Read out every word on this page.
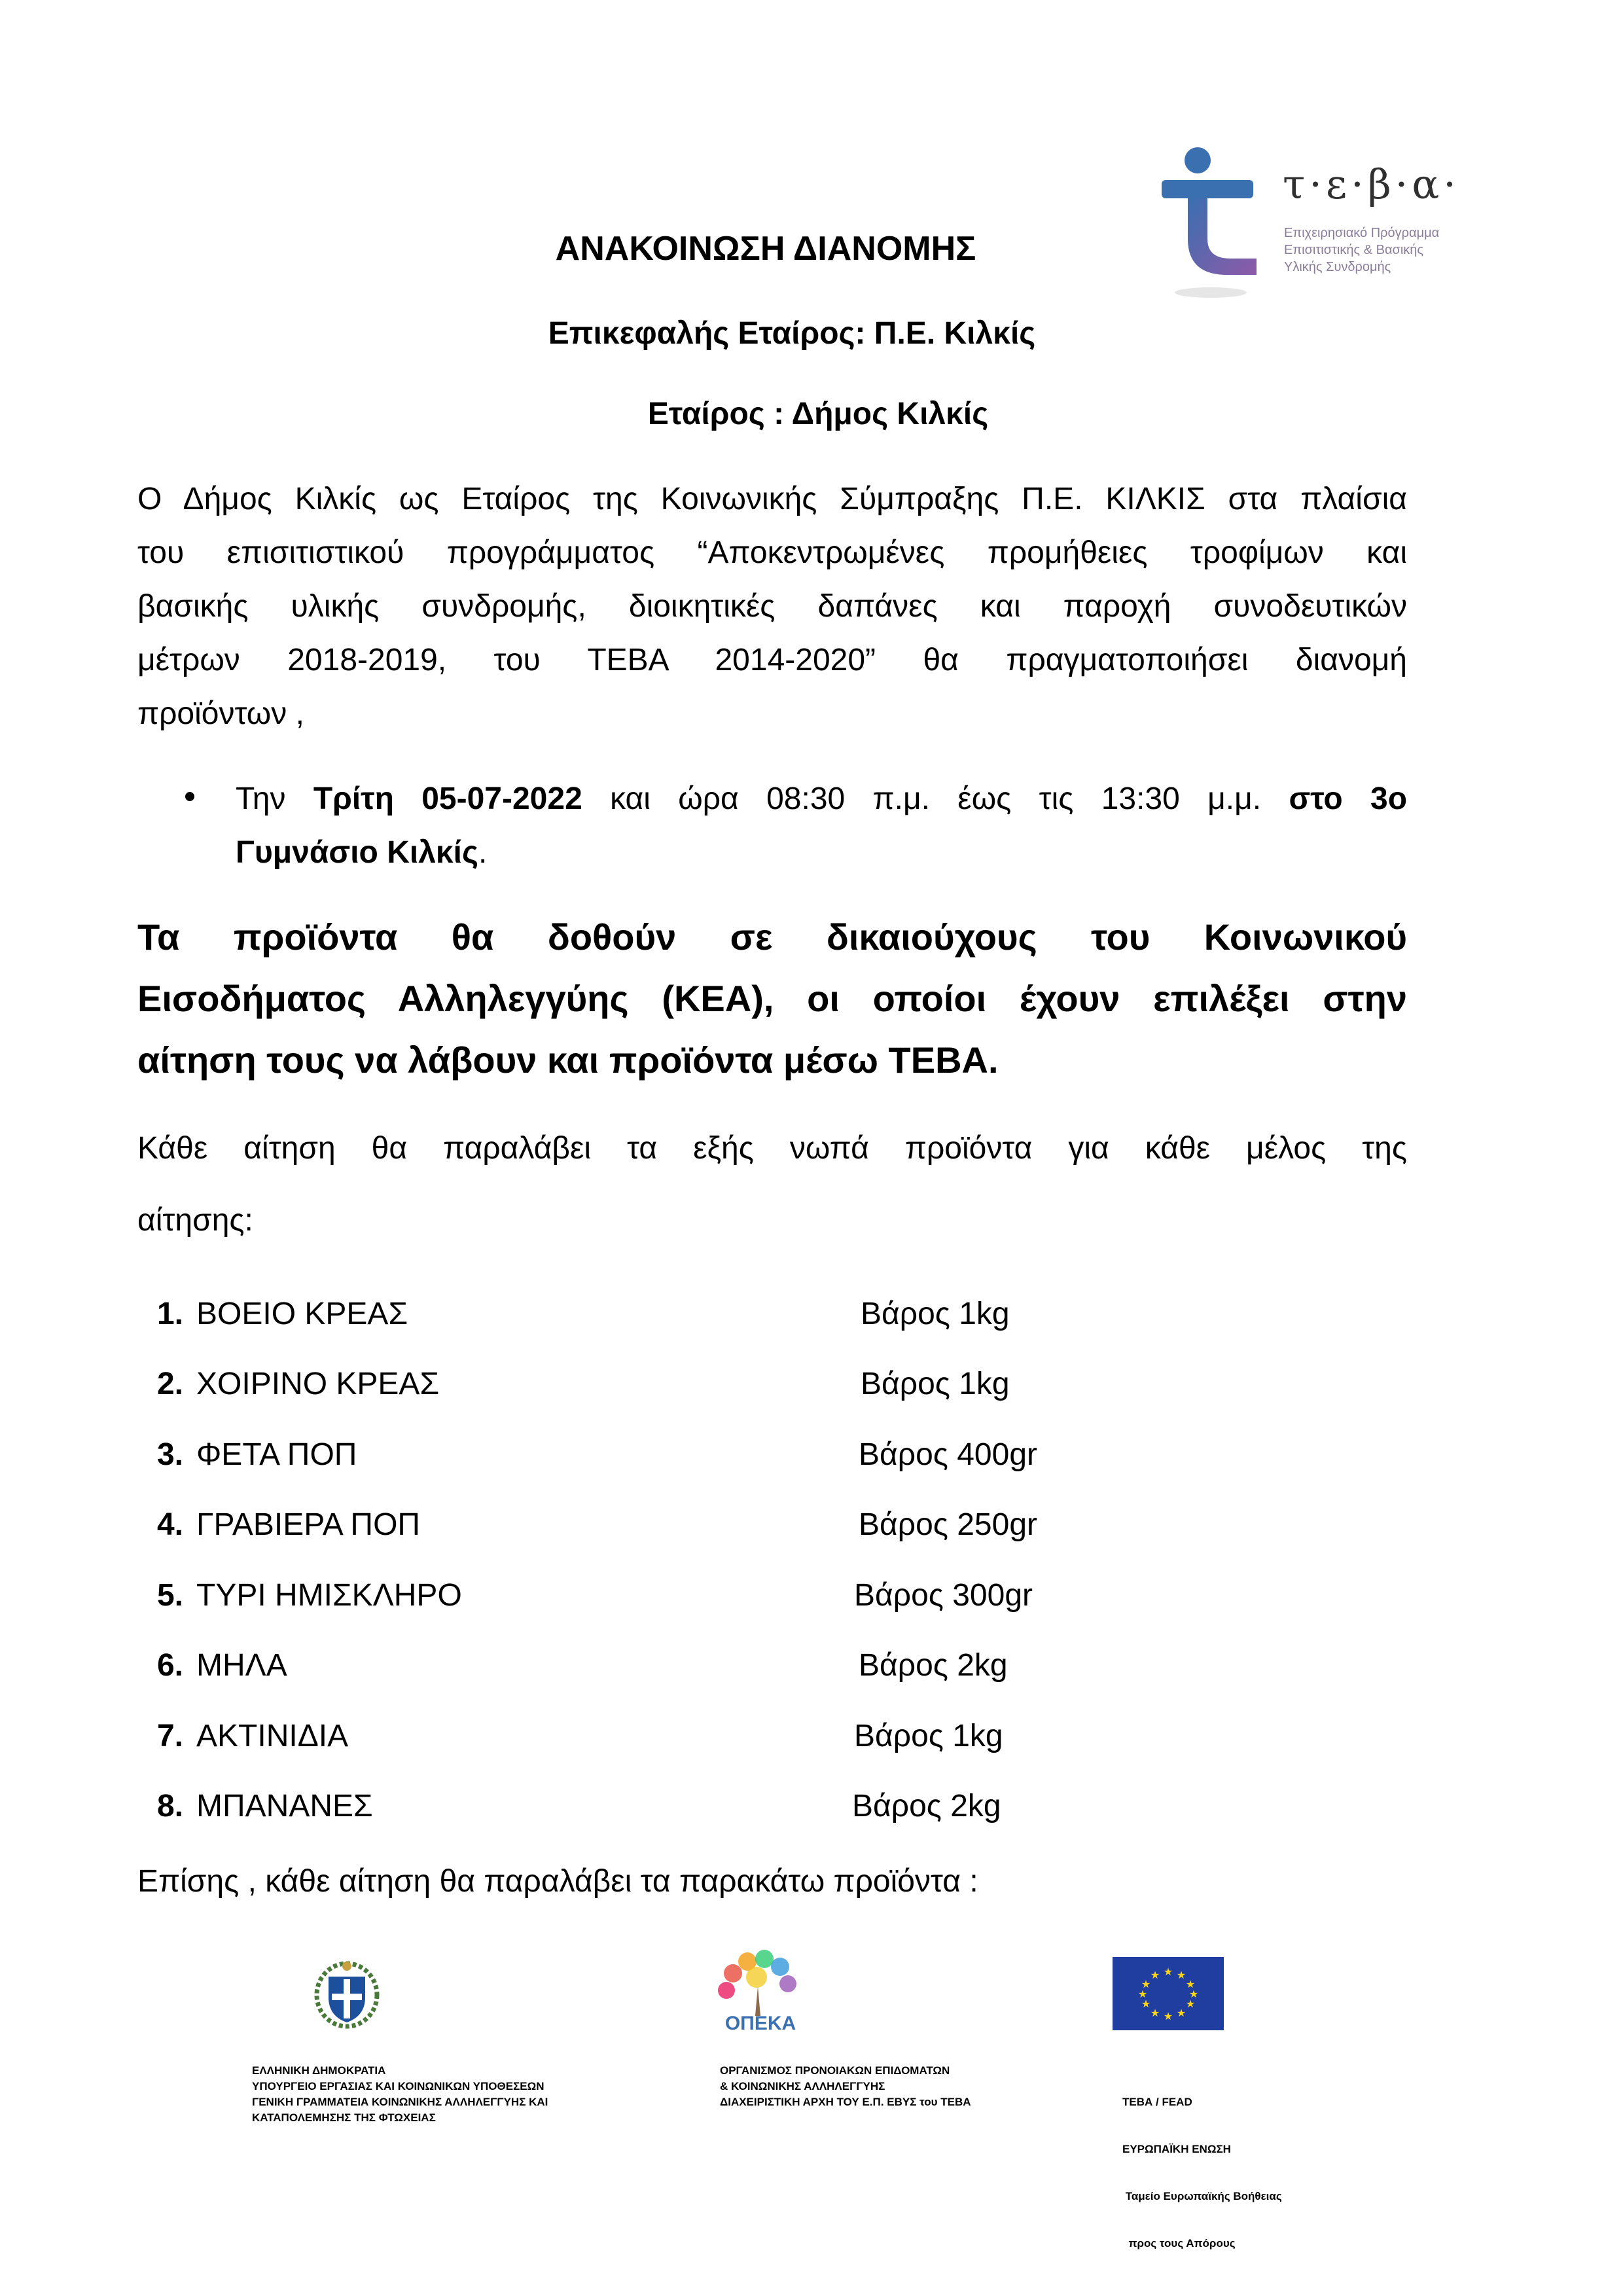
τ·ε·β·α·
Επιχειρησιακό Πρόγραμμα
Επισιτιστικής & Βασικής
Υλικής Συνδρομής
ΑΝΑΚΟΙΝΩΣΗ ΔΙΑΝΟΜΗΣ
Επικεφαλής Εταίρος: Π.Ε. Κιλκίς
Εταίρος : Δήμος Κιλκίς
Ο Δήμος Κιλκίς ως Εταίρος της Κοινωνικής Σύμπραξης Π.Ε. ΚΙΛΚΙΣ στα πλαίσια
του επισιτιστικού προγράμματος “Αποκεντρωμένες προμήθειες τροφίμων και
βασικής υλικής συνδρομής, διοικητικές δαπάνες και παροχή συνοδευτικών
μέτρων 2018-2019, του ΤΕΒΑ 2014-2020” θα πραγματοποιήσει διανομή
προϊόντων ,
Την Τρίτη 05-07-2022 και ώρα 08:30 π.μ. έως τις 13:30 μ.μ. στο 3ο
Γυμνάσιο Κιλκίς.
Τα προϊόντα θα δοθούν σε δικαιούχους του Κοινωνικού
Εισοδήματος Αλληλεγγύης (ΚΕΑ), οι οποίοι έχουν επιλέξει στην
αίτηση τους να λάβουν και προϊόντα μέσω ΤΕΒΑ.
Κάθε αίτηση θα παραλάβει τα εξής νωπά προϊόντα για κάθε μέλος της
αίτησης:
1. ΒΟΕΙΟ ΚΡΕΑΣ	Βάρος 1kg
2. ΧΟΙΡΙΝΟ ΚΡΕΑΣ	Βάρος 1kg
3. ΦΕΤΑ ΠΟΠ	Βάρος 400gr
4. ΓΡΑΒΙΕΡΑ ΠΟΠ	Βάρος 250gr
5. ΤΥΡΙ ΗΜΙΣΚΛΗΡΟ	Βάρος 300gr
6. ΜΗΛΑ	Βάρος 2kg
7. ΑΚΤΙΝΙΔΙΑ	Βάρος 1kg
8. ΜΠΑΝΑΝΕΣ	Βάρος 2kg
Επίσης , κάθε αίτηση θα παραλάβει τα παρακάτω προϊόντα :
ΟΠΕΚΑ
★ ★
★
★
★
★
★
★
★
★
★
★
ΕΛΛΗΝΙΚΗ ΔΗΜΟΚΡΑΤΙΑ
ΥΠΟΥΡΓΕΙΟ ΕΡΓΑΣΙΑΣ ΚΑΙ ΚΟΙΝΩΝΙΚΩΝ ΥΠΟΘΕΣΕΩΝ
ΓΕΝΙΚΗ ΓΡΑΜΜΑΤΕΙΑ ΚΟΙΝΩΝΙΚΗΣ ΑΛΛΗΛΕΓΓΥΗΣ ΚΑΙ
ΚΑΤΑΠΟΛΕΜΗΣΗΣ ΤΗΣ ΦΤΩΧΕΙΑΣ
ΟΡΓΑΝΙΣΜΟΣ ΠΡΟΝΟΙΑΚΩΝ ΕΠΙΔΟΜΑΤΩΝ
& ΚΟΙΝΩΝΙΚΗΣ ΑΛΛΗΛΕΓΓΥΗΣ
ΔΙΑΧΕΙΡΙΣΤΙΚΗ ΑΡΧΗ ΤΟΥ Ε.Π. ΕΒΥΣ του ΤΕΒΑ

	ΤΕΒΑ / FEAD

ΕΥΡΩΠΑΪΚΗ ΕΝΩΣΗ

Ταμείο Ευρωπαϊκής Βοήθειας

προς τους Απόρους
